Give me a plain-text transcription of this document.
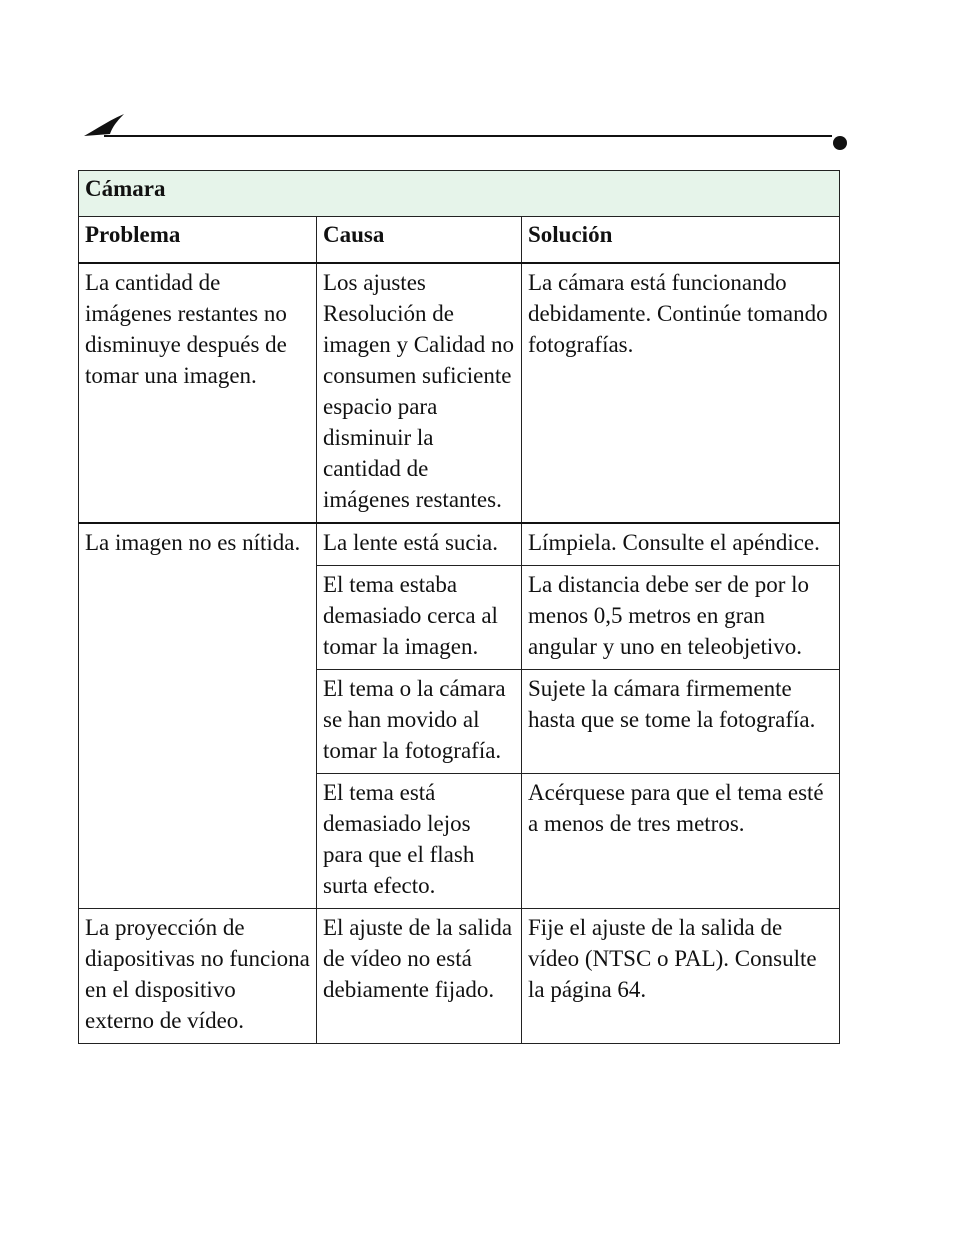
Cámara		
Problema	Causa	Solución
La cantidad de imágenes restantes no disminuye después de tomar una imagen.	Los ajustes Resolución de imagen y Calidad no consumen suficiente espacio para disminuir la cantidad de imágenes restantes.	La cámara está funcionando debidamente. Continúe tomando fotografías.
La imagen no es nítida.	La lente está sucia.	Límpiela. Consulte el apéndice.
	El tema estaba demasiado cerca al tomar la imagen.	La distancia debe ser de por lo menos 0,5 metros en gran angular y uno en teleobjetivo.
	El tema o la cámara se han movido al tomar la fotografía.	Sujete la cámara firmemente hasta que se tome la fotografía.
	El tema está demasiado lejos para que el flash surta efecto.	Acérquese para que el tema esté a menos de tres metros.
La proyección de diapositivas no funciona en el dispositivo externo de vídeo.	El ajuste de la salida de vídeo no está debiamente fijado.	Fije el ajuste de la salida de vídeo (NTSC o PAL). Consulte la página 64.
